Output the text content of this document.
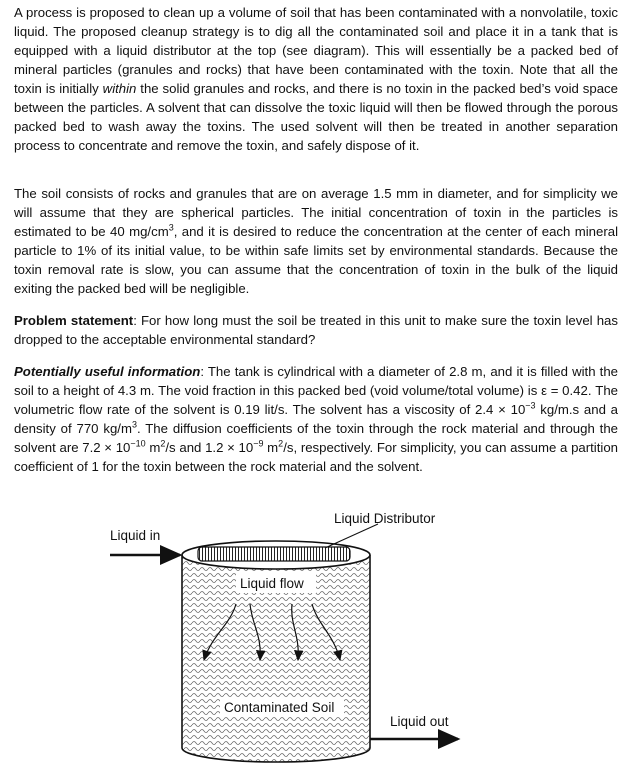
A process is proposed to clean up a volume of soil that has been contaminated with a nonvolatile, toxic liquid. The proposed cleanup strategy is to dig all the contaminated soil and place it in a tank that is equipped with a liquid distributor at the top (see diagram). This will essentially be a packed bed of mineral particles (granules and rocks) that have been contaminated with the toxin. Note that all the toxin is initially within the solid granules and rocks, and there is no toxin in the packed bed’s void space between the particles. A solvent that can dissolve the toxic liquid will then be flowed through the porous packed bed to wash away the toxins. The used solvent will then be treated in another separation process to concentrate and remove the toxin, and safely dispose of it.

The soil consists of rocks and granules that are on average 1.5 mm in diameter, and for simplicity we will assume that they are spherical particles. The initial concentration of toxin in the particles is estimated to be 40 $mg/cm^3$, and it is desired to reduce the concentration at the center of each mineral particle to 1% of its initial value, to be within safe limits set by environmental standards. Because the toxin removal rate is slow, you can assume that the concentration of toxin in the bulk of the liquid exiting the packed bed will be negligible.

Problem statement: For how long must the soil be treated in this unit to make sure the toxin level has dropped to the acceptable environmental standard?

Potentially useful information: The tank is cylindrical with a diameter of 2.8 m, and it is filled with the soil to a height of 4.3 m. The void fraction in this packed bed (void volume/total volume) is ε = 0.42. The volumetric flow rate of the solvent is 0.19 lit/s. The solvent has a viscosity of $2.4 \times 10^{-3}$ kg/m.s and a density of 770 $kg/m^3$. The diffusion coefficients of the toxin through the rock material and through the solvent are $7.2 \times 10^{-10}$ $m^2/s$ and $1.2 \times 10^{-9}$ $m^2/s$, respectively. For simplicity, you can assume a partition coefficient of 1 for the toxin between the rock material and the solvent.

Liquid in
Liquid Distributor
Liquid flow
Contaminated Soil
Liquid out
